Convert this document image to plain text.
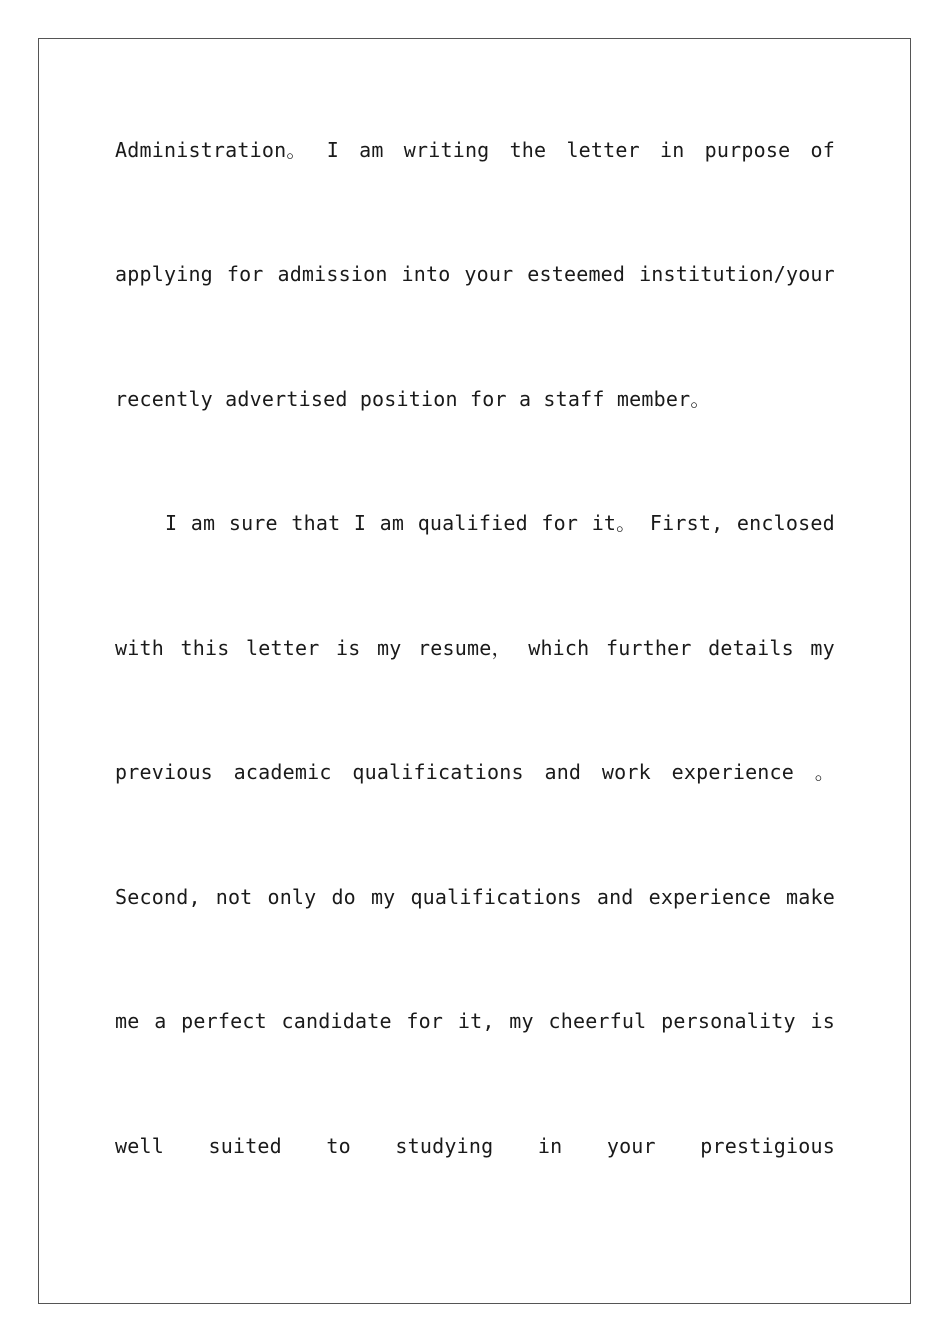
Administration。 I am writing the letter in purpose of
applying for admission into your esteemed institution/your
recently advertised position for a staff member。
I am sure that I am qualified for it。 First, enclosed
with this letter is my resume， which further details my
previous academic qualifications and work experience 。
Second, not only do my qualifications and experience make
me a perfect candidate for it, my cheerful personality is
well suited to studying in your prestigious
